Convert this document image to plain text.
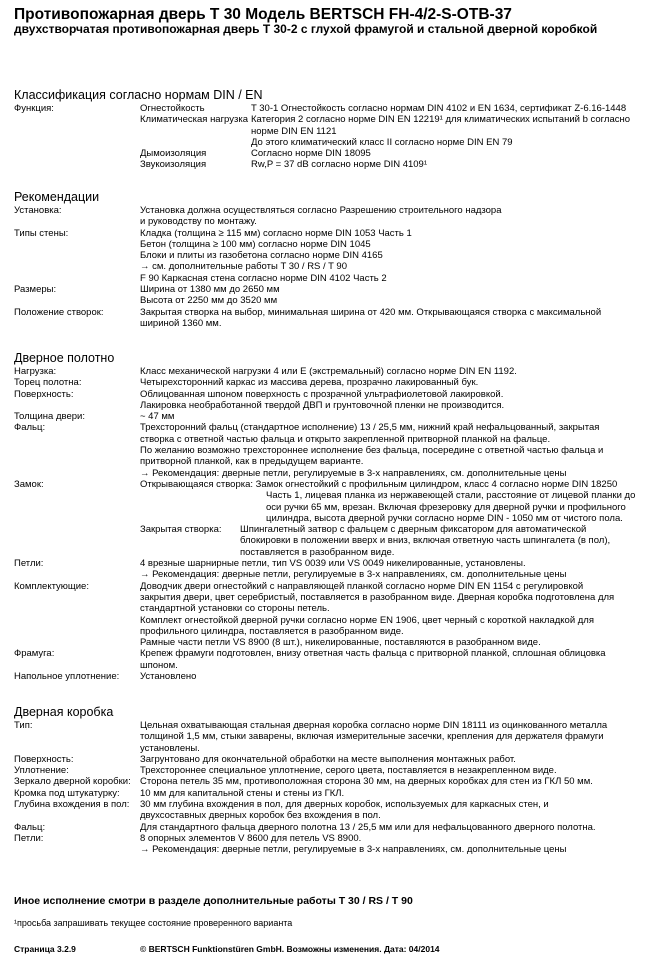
Противопожарная дверь T 30 Модель BERTSCH FH-4/2-S-OTB-37
двухстворчатая противопожарная дверь T 30-2 с глухой фрамугой и стальной дверной коробкой
Классификация согласно нормам DIN / EN
Функция:	Огнестойкость	T 30-1 Огнестойкость согласно нормам DIN 4102 и EN 1634, сертификат Z-6.16-1448
Климатическая нагрузка Категория 2 согласно норме DIN EN 12219¹ для климатических испытаний b согласно норме DIN EN 1121
До этого климатический класс II согласно норме DIN EN 79
Дымоизоляция	Согласно норме DIN 18095
Звукоизоляция	Rw,P = 37 dB согласно норме DIN 4109¹
Рекомендации
Установка:	Установка должна осуществляться согласно Разрешению строительного надзора
и руководству по монтажу.
Типы стены:	Кладка (толщина ≥ 115 мм) согласно норме DIN 1053 Часть 1
Бетон (толщина ≥ 100 мм) согласно норме DIN 1045
Блоки и плиты из газобетона согласно норме DIN 4165
→ см. дополнительные работы T 30 / RS / T 90
F 90 Каркасная стена согласно норме DIN 4102 Часть 2
Размеры:	Ширина от 1380 мм до 2650 мм
Высота от 2250 мм до 3520 мм
Положение створок:	Закрытая створка на выбор, минимальная ширина от 420 мм. Открывающаяся створка с максимальной
шириной 1360 мм.
Дверное полотно
Нагрузка:	Класс механической нагрузки 4 или E (экстремальный) согласно норме DIN EN 1192.
Торец полотна:	Четырехсторонний каркас из массива дерева, прозрачно лакированный бук.
Поверхность:	Облицованная шпоном поверхность с прозрачной ультрафиолетовой лакировкой.
Лакировка необработанной твердой ДВП и грунтовочной пленки не производится.
Толщина двери:	~ 47 мм
Фальц:	Трехсторонний фальц (стандартное исполнение) 13 / 25,5 мм, нижний край нефальцованный, закрытая
створка с ответной частью фальца и открыто закрепленной притворной планкой на фальце.
По желанию возможно трехстороннее исполнение без фальца, посередине с ответной частью фальца и
притворной планкой, как в предыдущем варианте.
→ Рекомендация: дверные петли, регулируемые в 3-х направлениях, см. дополнительные цены
Замок:	Открывающаяся створка:
Замок огнестойкий с профильным цилиндром, класс 4 согласно норме DIN 18250
Часть 1, лицевая планка из нержавеющей стали, расстояние от лицевой планки до
оси ручки 65 мм, врезан. Включая фрезеровку для дверной ручки и профильного
цилиндра, высота дверной ручки согласно норме DIN - 1050 мм от чистого пола.
Закрытая створка:	Шпингалетный затвор с фальцем с дверным фиксатором для автоматической
блокировки в положении вверх и вниз, включая ответную часть шпингалета (в пол),
поставляется в разобранном виде.
Петли:	4 врезные шарнирные петли, тип VS 0039 или VS 0049 никелированные, установлены.
→ Рекомендация: дверные петли, регулируемые в 3-х направлениях, см. дополнительные цены
Комплектующие:	Доводчик двери огнестойкий с направляющей планкой согласно норме DIN EN 1154 с регулировкой
закрытия двери, цвет серебристый, поставляется в разобранном виде. Дверная коробка подготовлена для
стандартной установки со стороны петель.
Комплект огнестойкой дверной ручки согласно норме EN 1906, цвет черный с короткой накладкой для
профильного цилиндра, поставляется в разобранном виде.
Рамные части петли VS 8900 (8 шт.), никелированные, поставляются в разобранном виде.
Фрамуга:	Крепеж фрамуги подготовлен, внизу ответная часть фальца с притворной планкой, сплошная облицовка
шпоном.
Напольное уплотнение:	Установлено
Дверная коробка
Тип:	Цельная охватывающая стальная дверная коробка согласно норме DIN 18111 из оцинкованного металла
толщиной 1,5 мм, стыки заварены, включая измерительные засечки, крепления для держателя фрамуги
установлены.
Поверхность:	Загрунтовано для окончательной обработки на месте выполнения монтажных работ.
Уплотнение:	Трехстороннее специальное уплотнение, серого цвета, поставляется в незакрепленном виде.
Зеркало дверной коробки: Сторона петель 35 мм, противоположная сторона 30 мм, на дверных коробках для стен из ГКЛ 50 мм.
Кромка под штукатурку:	10 мм для капитальной стены и стены из ГКЛ.
Глубина вхождения в пол:	30 мм глубина вхождения в пол, для дверных коробок, используемых для каркасных стен, и
двухсоставных дверных коробок без вхождения в пол.
Фальц:	Для стандартного фальца дверного полотна 13 / 25,5 мм или для нефальцованного дверного полотна.
Петли:	8 опорных элементов V 8600 для петель VS 8900.
→ Рекомендация: дверные петли, регулируемые в 3-х направлениях, см. дополнительные цены
Иное исполнение смотри в разделе дополнительные работы T 30 / RS / T 90
¹просьба запрашивать текущее состояние проверенного варианта
Страница 3.2.9	© BERTSCH Funktionstüren GmbH. Возможны изменения. Дата: 04/2014
